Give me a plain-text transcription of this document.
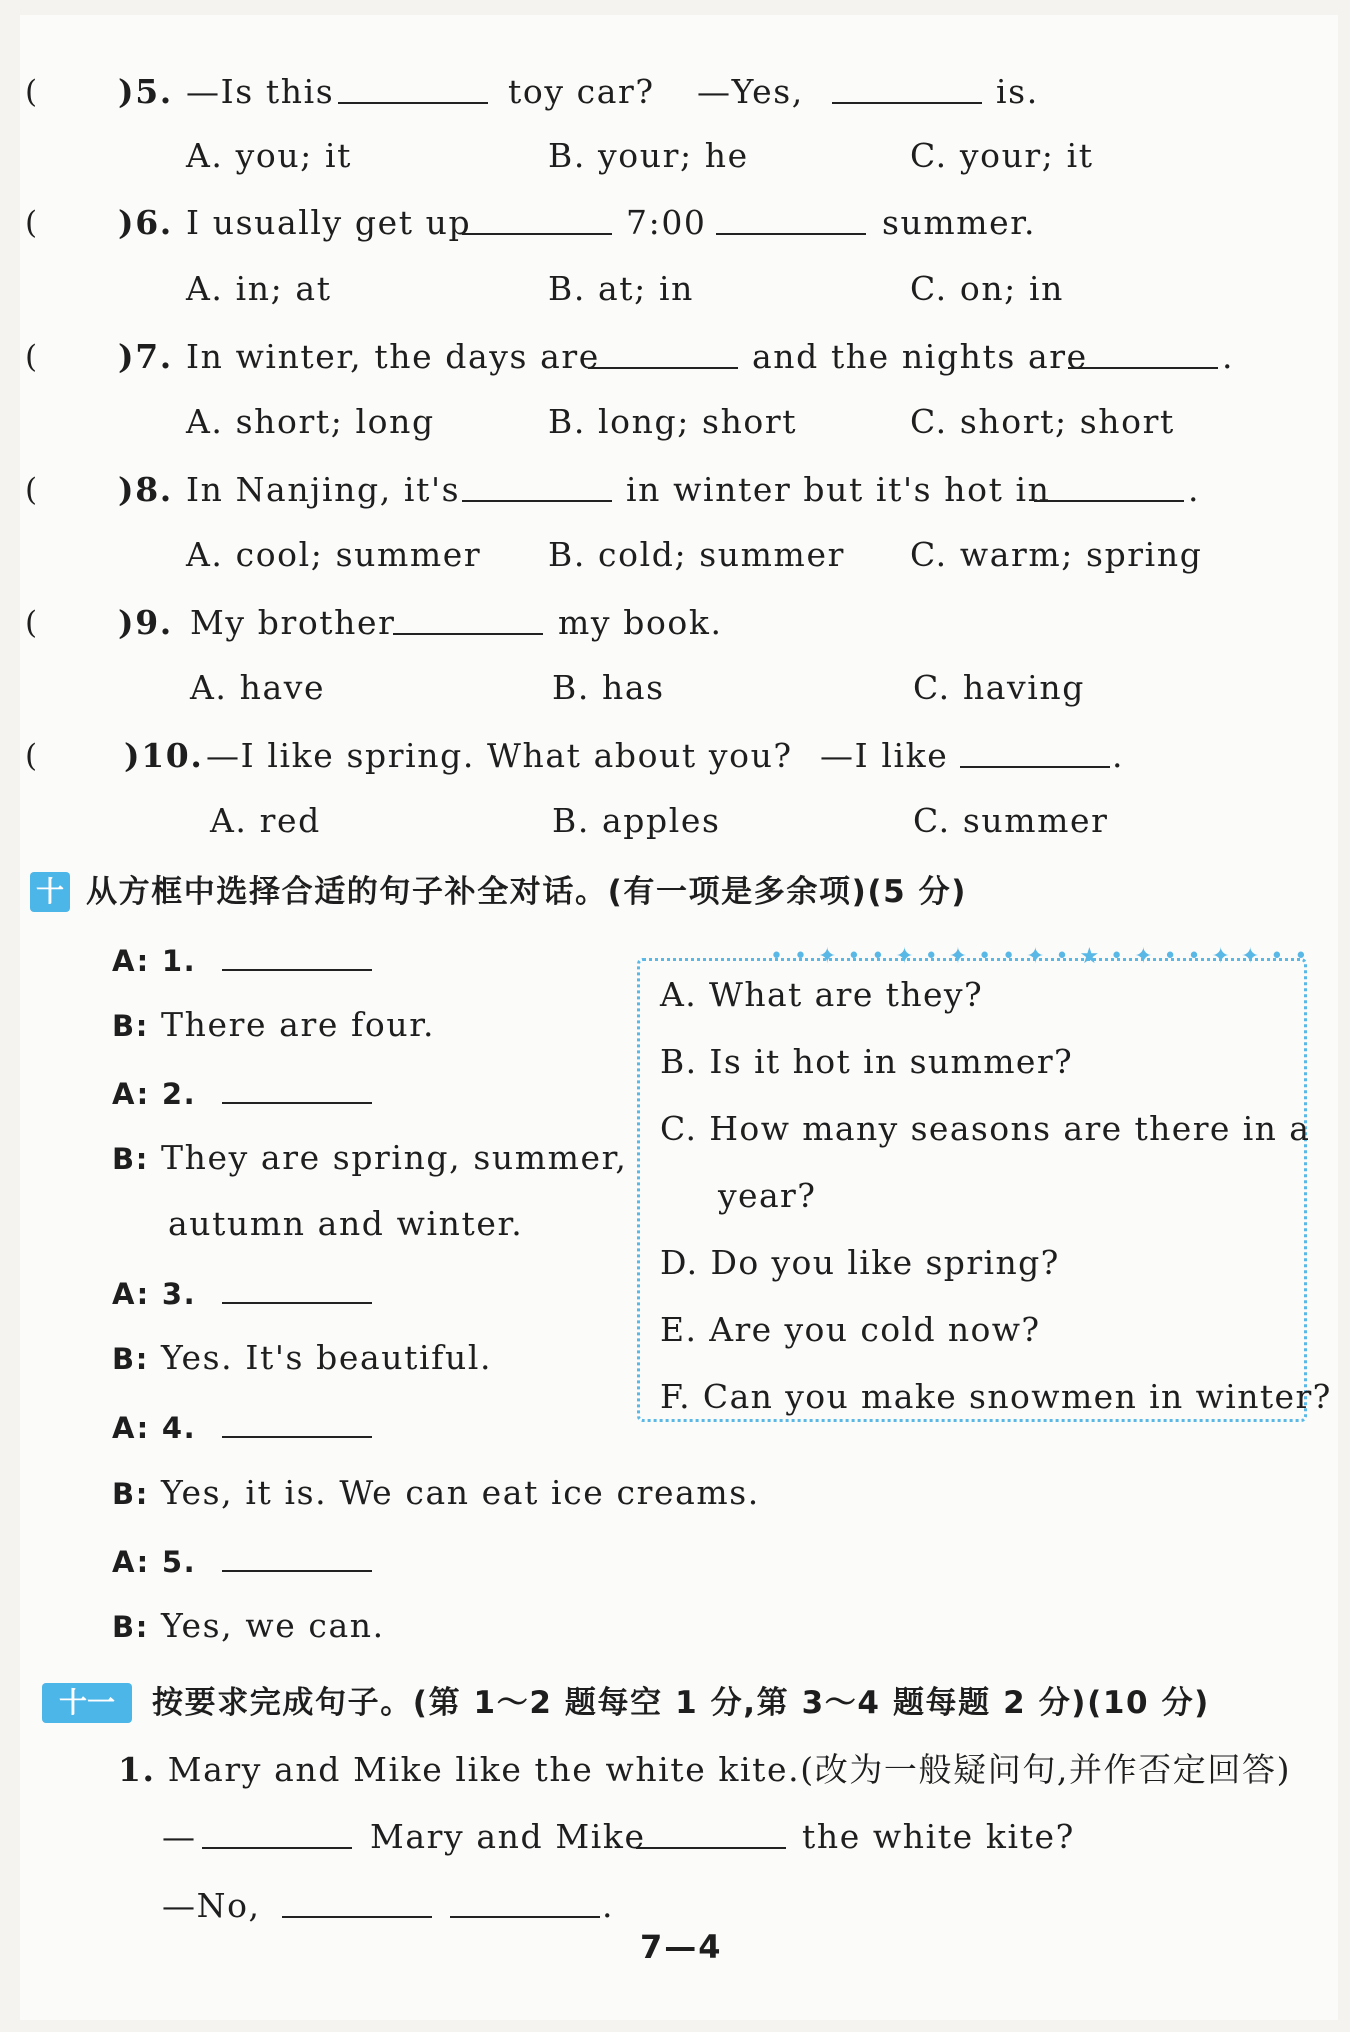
( )5. —Is this	toy car? —Yes,	is.
A. you; it	B. your; he	C. your; it
( )6. I usually get up	7:00	summer.
A. in; at	B. at; in	C. on; in
( )7. In winter, the days are	and the nights are	.
A. short; long	B. long; short	C. short; short
( )8. In Nanjing, it's	in winter but it's hot in	.
A. cool; summer B. cold; summer C. warm; spring
( )9. My brother	my book.
A. have	B. has	C. having
(	)10. —I like spring. What about you? —I like	.
A. red	B. apples	C. summer
十 从方框中选择合适的句子补全对话。(有一项是多余项)(5 分)
A: 1.
B: There are four.
A: 2.
B: They are spring, summer,
autumn and winter.
A: 3.
B: Yes. It's beautiful.
A: 4.
B: Yes, it is. We can eat ice creams.
A: 5.
B: Yes, we can.
A. What are they?
B. Is it hot in summer?
C. How many seasons are there in a
year?
D. Do you like spring?
E. Are you cold now?
F. Can you make snowmen in winter?
• • ✦ • • ✦ • ✦ • • ✦ • ★ • ✦ • • ✦ ✦ • •
十一	按要求完成句子。(第 1～2 题每空 1 分,第 3～4 题每题 2 分)(10 分)
1. Mary and Mike like the white kite.(改为一般疑问句,并作否定回答)
—	Mary and Mike	the white kite?
—No,	.
7—4
